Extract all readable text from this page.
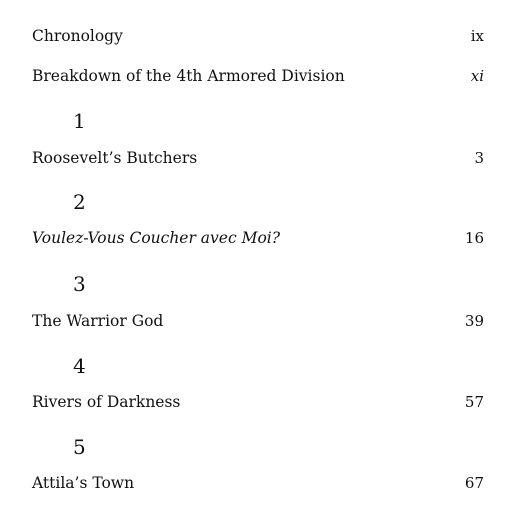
Chronology	ix
Breakdown of the 4th Armored Division	xi
1
Roosevelt’s Butchers	3
2
Voulez-Vous Coucher avec Moi?	16
3
The Warrior God	39
4
Rivers of Darkness	57
5
Attila’s Town	67
